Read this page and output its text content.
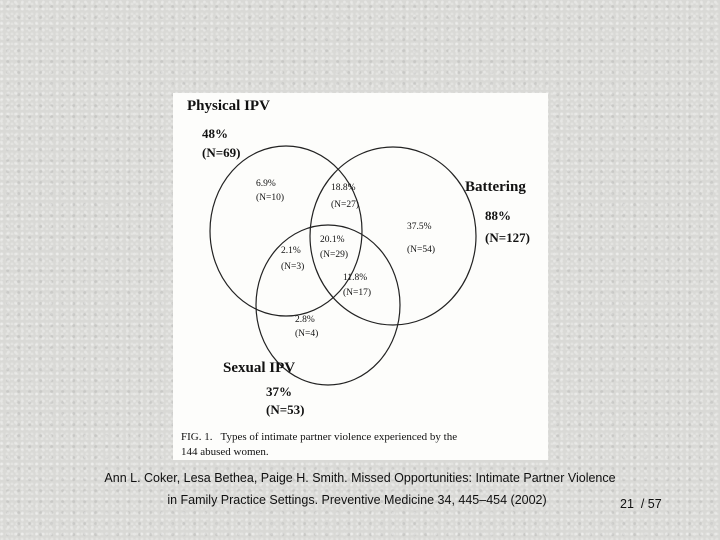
Physical IPV
48%
(N=69)
Battering
88%
(N=127)
Sexual IPV
37%
(N=53)
6.9%
(N=10)
18.8%
(N=27)
37.5%
(N=54)
2.1%
(N=3)
20.1%
(N=29)
11.8%
(N=17)
2.8%
(N=4)
FIG. 1.   Types of intimate partner violence experienced by the
144 abused women.
Ann L. Coker, Lesa Bethea, Paige H. Smith. Missed Opportunities: Intimate Partner Violence
in Family Practice Settings. Preventive Medicine 34, 445–454 (2002)	21  / 57
